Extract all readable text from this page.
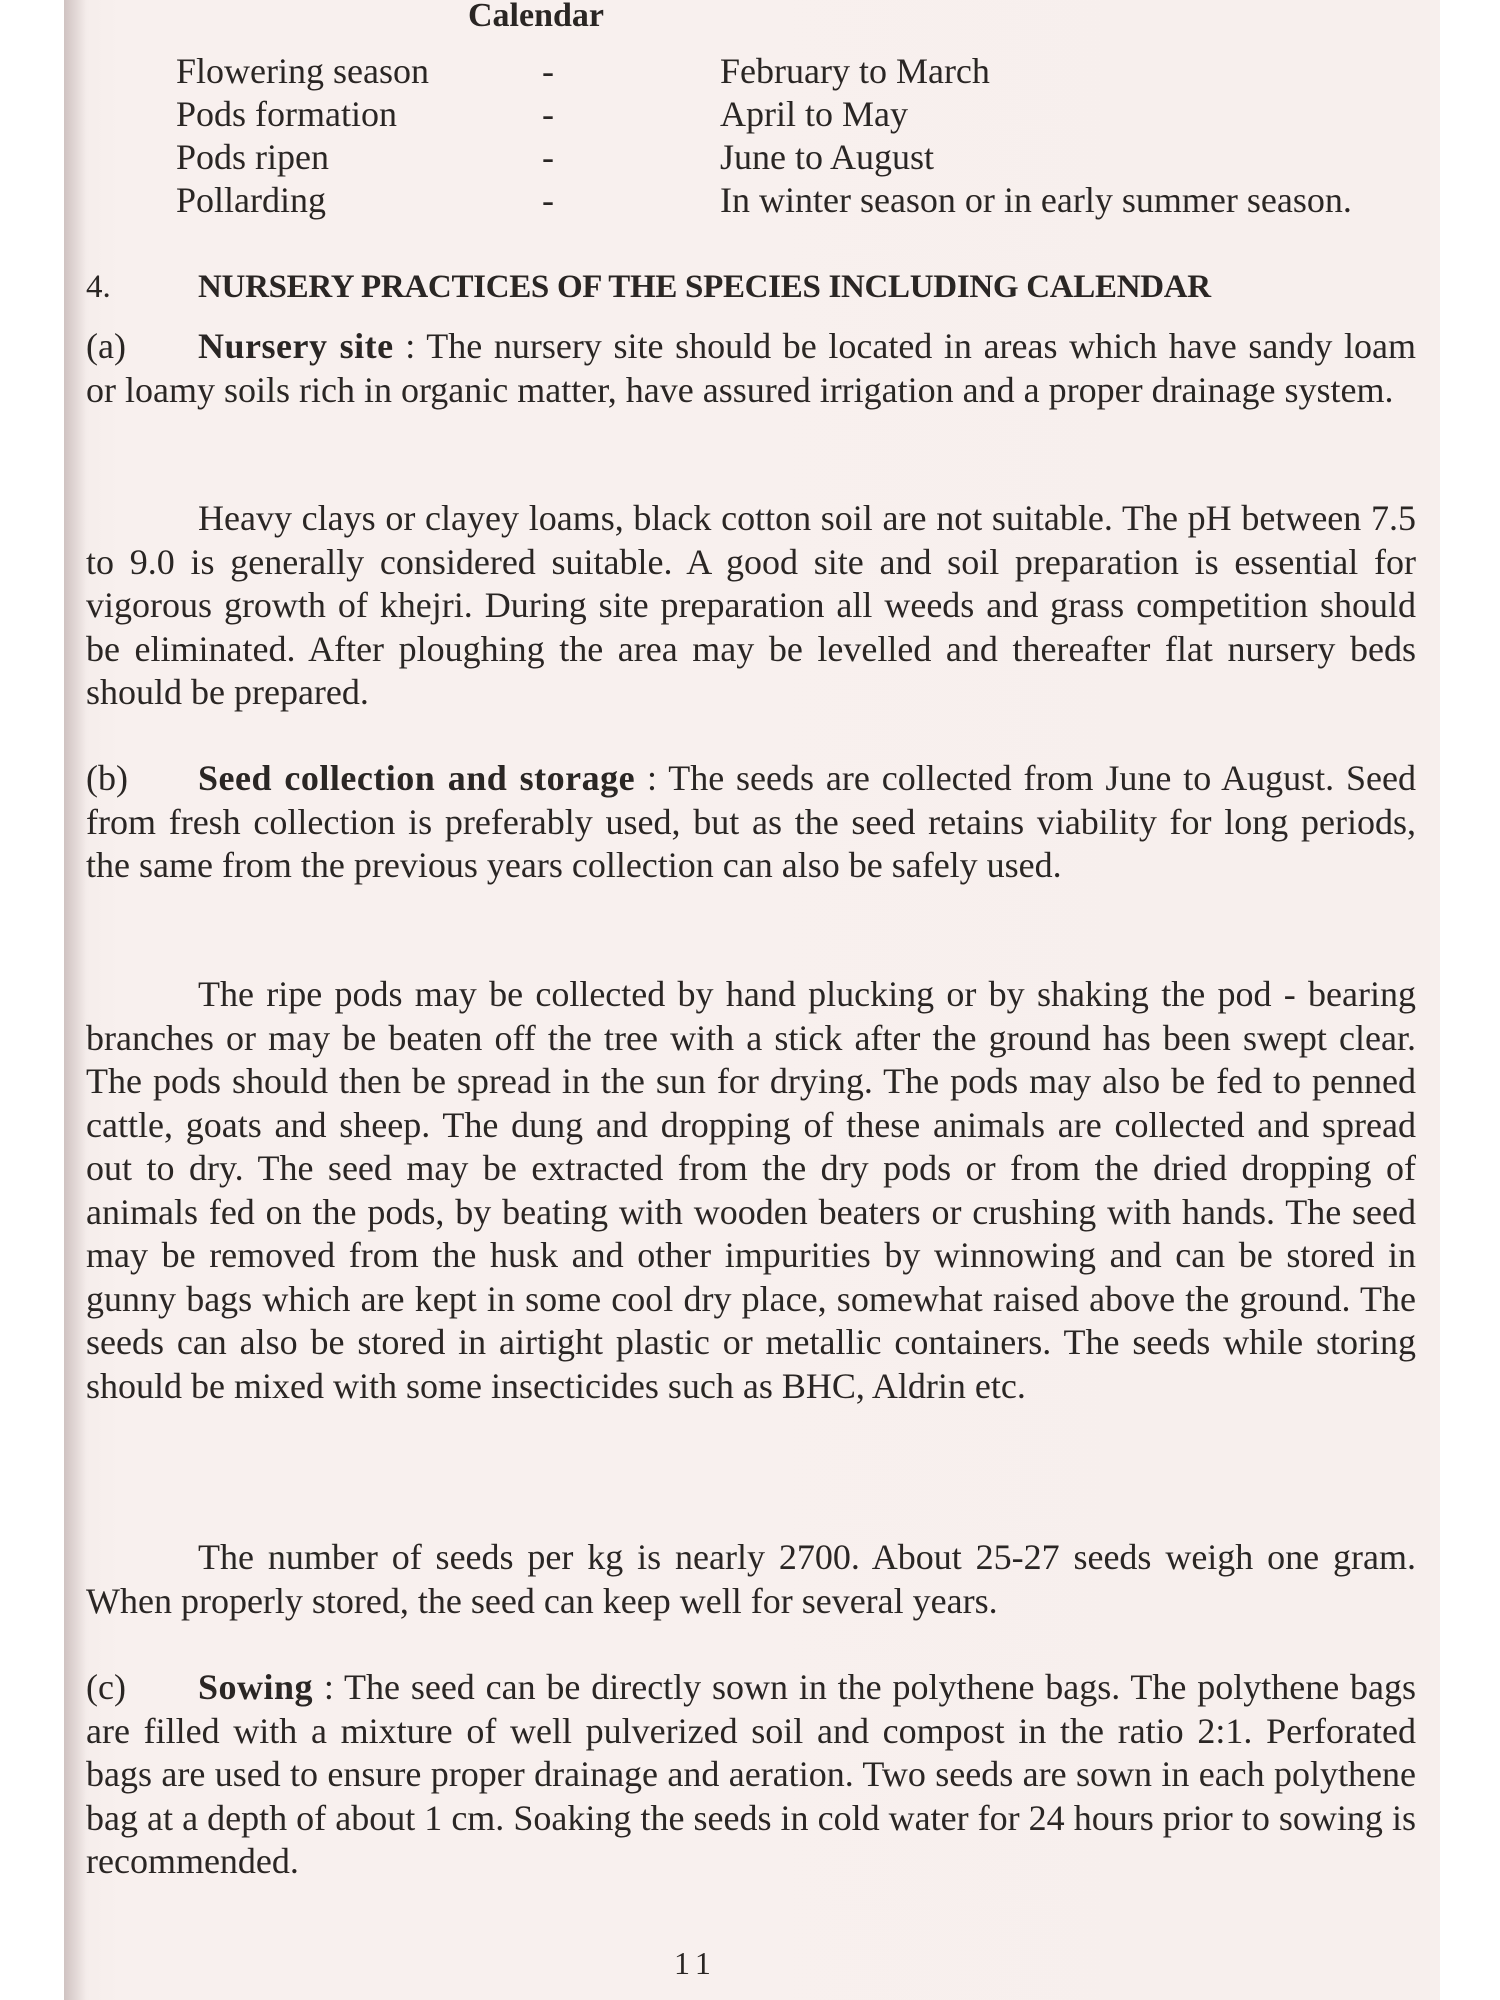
Calendar
Flowering season	-	February to March
Pods formation	-	April to May
Pods ripen	-	June to August
Pollarding	-	In winter season or in early summer season.
4.	NURSERY PRACTICES OF THE SPECIES INCLUDING CALENDAR

(a) Nursery site : The nursery site should be located in areas which have sandy loam or loamy soils rich in organic matter, have assured irrigation and a proper drainage system.

Heavy clays or clayey loams, black cotton soil are not suitable. The pH between 7.5 to 9.0 is generally considered suitable. A good site and soil preparation is essential for vigorous growth of khejri. During site preparation all weeds and grass competition should be eliminated. After ploughing the area may be levelled and thereafter flat nursery beds should be prepared.

(b) Seed collection and storage : The seeds are collected from June to August. Seed from fresh collection is preferably used, but as the seed retains viability for long periods, the same from the previous years collection can also be safely used.

The ripe pods may be collected by hand plucking or by shaking the pod - bearing branches or may be beaten off the tree with a stick after the ground has been swept clear. The pods should then be spread in the sun for drying. The pods may also be fed to penned cattle, goats and sheep. The dung and dropping of these animals are collected and spread out to dry. The seed may be extracted from the dry pods or from the dried dropping of animals fed on the pods, by beating with wooden beaters or crushing with hands. The seed may be removed from the husk and other impurities by winnowing and can be stored in gunny bags which are kept in some cool dry place, somewhat raised above the ground. The seeds can also be stored in airtight plastic or metallic containers. The seeds while storing should be mixed with some insecticides such as BHC, Aldrin etc.

The number of seeds per kg is nearly 2700. About 25-27 seeds weigh one gram. When properly stored, the seed can keep well for several years.

(c) Sowing : The seed can be directly sown in the polythene bags. The polythene bags are filled with a mixture of well pulverized soil and compost in the ratio 2:1. Perforated bags are used to ensure proper drainage and aeration. Two seeds are sown in each polythene bag at a depth of about 1 cm. Soaking the seeds in cold water for 24 hours prior to sowing is recommended.

11
